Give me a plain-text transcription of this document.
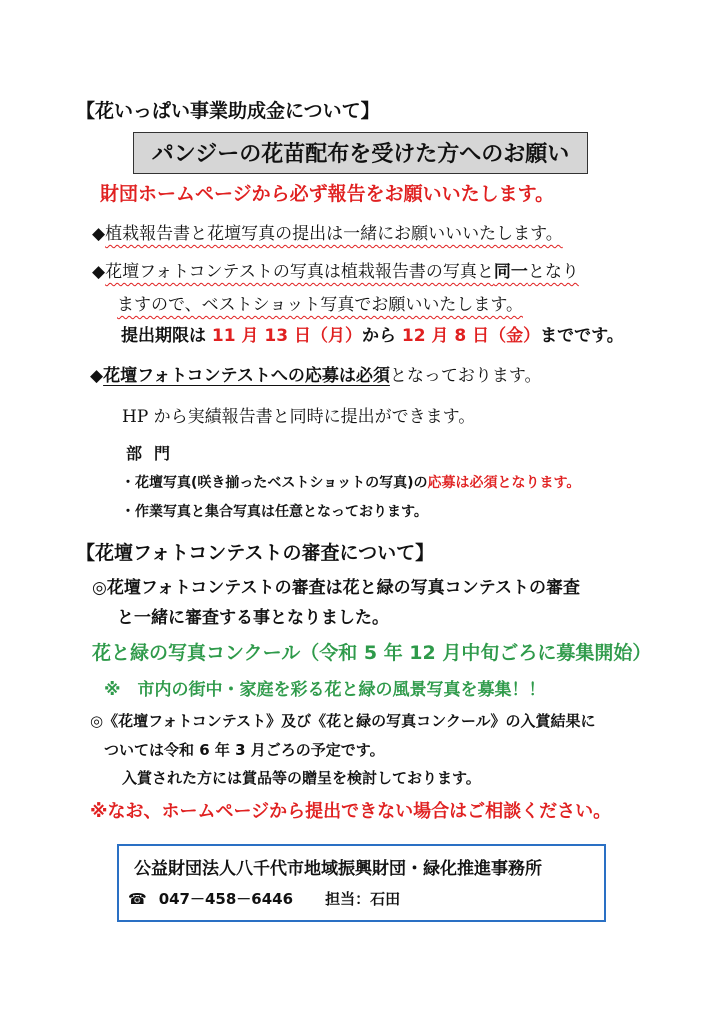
【花いっぱい事業助成金について】
パンジーの花苗配布を受けた方へのお願い
財団ホームページから必ず報告をお願いいたします。
◆植栽報告書と花壇写真の提出は一緒にお願いいいたします。
◆花壇フォトコンテストの写真は植栽報告書の写真と同一となり
ますので、ベストショット写真でお願いいたします。
提出期限は 11 月 13 日（月）から 12 月 8 日（金）までです。
◆花壇フォトコンテストへの応募は必須となっております。
HP から実績報告書と同時に提出ができます。
部門
・花壇写真(咲き揃ったベストショットの写真)の応募は必須となります。
・作業写真と集合写真は任意となっております。
【花壇フォトコンテストの審査について】
◎花壇フォトコンテストの審査は花と緑の写真コンテストの審査
と一緒に審査する事となりました。
花と緑の写真コンクール（令和 5 年 12 月中旬ごろに募集開始）
※　市内の街中・家庭を彩る花と緑の風景写真を募集！！
◎《花壇フォトコンテスト》及び《花と緑の写真コンクール》の入賞結果に
ついては令和 6 年 3 月ごろの予定です。
入賞された方には賞品等の贈呈を検討しております。
※なお、ホームページから提出できない場合はご相談ください。
公益財団法人八千代市地域振興財団・緑化推進事務所
☎ 047－458－6446 担当：石田
